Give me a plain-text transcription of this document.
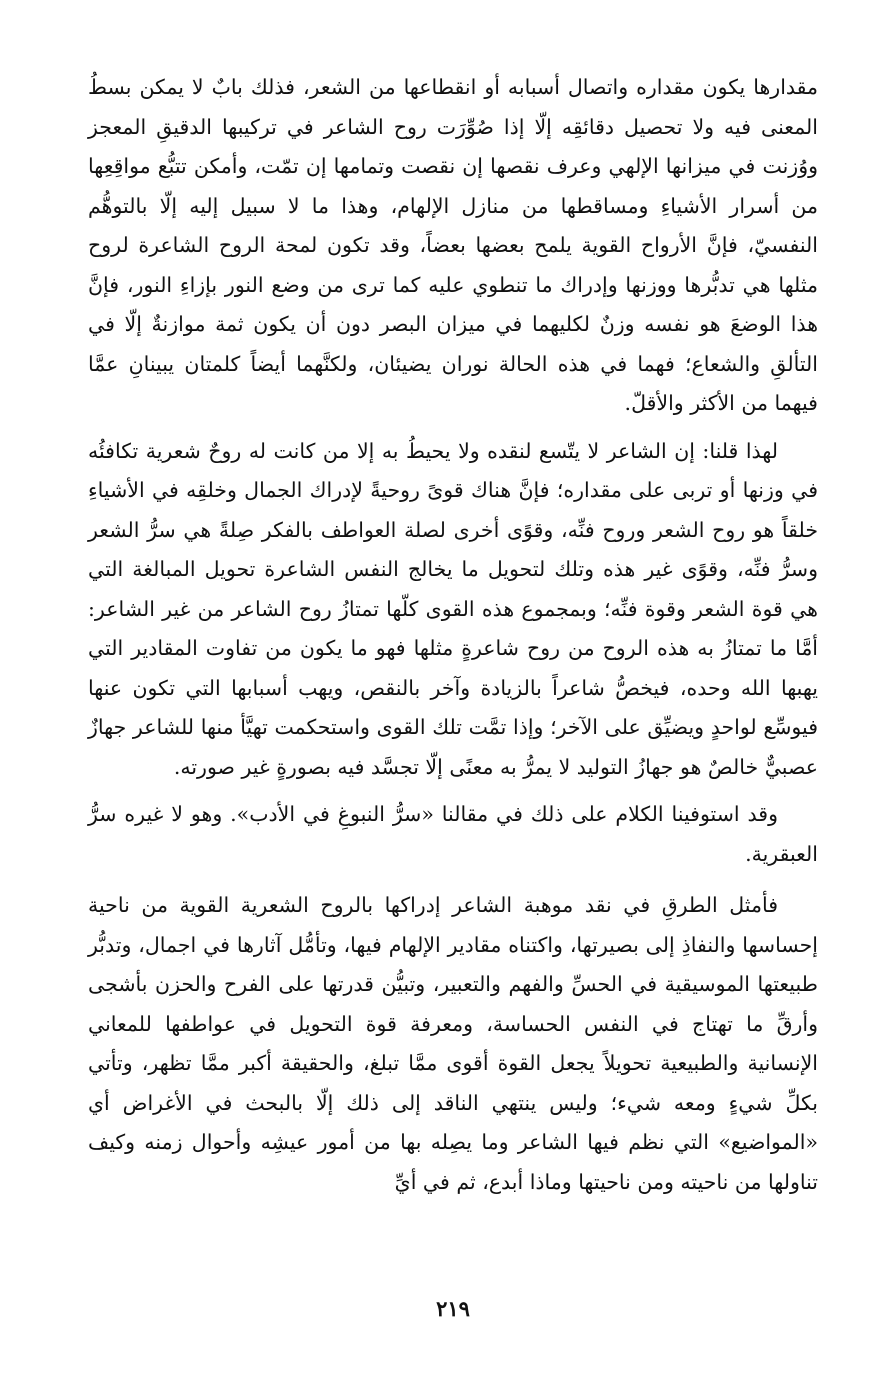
مقدارها يكون مقداره واتصال أسبابه أو انقطاعها من الشعر، فذلك بابٌ لا يمكن بسطُ المعنى فيه ولا تحصيل دقائقِه إلّا إذا صُوِّرَت روح الشاعر في تركيبها الدقيقِ المعجز ووُزنت في ميزانها الإلهي وعرف نقصها إن نقصت وتمامها إن تمّت، وأمكن تتبُّع مواقِعِها من أسرار الأشياءِ ومساقطها من منازل الإلهام، وهذا ما لا سبيل إليه إلّا بالتوهُّم النفسيّ، فإنَّ الأرواح القوية يلمح بعضها بعضاً، وقد تكون لمحة الروح الشاعرة لروح مثلها هي تدبُّرها ووزنها وإدراك ما تنطوي عليه كما ترى من وضع النور بإزاءِ النور، فإنَّ هذا الوضعَ هو نفسه وزنٌ لكليهما في ميزان البصر دون أن يكون ثمة موازنةٌ إلّا في التألقِ والشعاع؛ فهما في هذه الحالة نوران يضيئان، ولكنَّهما أيضاً كلمتان يبينانِ عمَّا فيهما من الأكثر والأقلّ.

لهذا قلنا: إن الشاعر لا يتّسع لنقده ولا يحيطُ به إلا من كانت له روحٌ شعرية تكافئُه في وزنها أو تربى على مقداره؛ فإنَّ هناك قوىً روحيةً لإدراك الجمال وخلقِه في الأشياءِ خلقاً هو روح الشعر وروح فنِّه، وقوًى أخرى لصلة العواطف بالفكر صِلةً هي سرُّ الشعر وسرُّ فنِّه، وقوًى غير هذه وتلك لتحويل ما يخالج النفس الشاعرة تحويل المبالغة التي هي قوة الشعر وقوة فنِّه؛ وبمجموع هذه القوى كلّها تمتازُ روح الشاعر من غير الشاعر: أمَّا ما تمتازُ به هذه الروح من روح شاعرةٍ مثلها فهو ما يكون من تفاوت المقادير التي يهبها الله وحده، فيخصُّ شاعراً بالزيادة وآخر بالنقص، ويهب أسبابها التي تكون عنها فيوسِّع لواحدٍ ويضيِّق على الآخر؛ وإذا تمَّت تلك القوى واستحكمت تهيَّأ منها للشاعر جهازٌ عصبيٌّ خالصٌ هو جهازُ التوليد لا يمرُّ به معنًى إلّا تجسَّد فيه بصورةٍ غير صورته.

وقد استوفينا الكلام على ذلك في مقالنا «سرُّ النبوغِ في الأدب». وهو لا غيره سرُّ العبقرية.

فأمثل الطرقِ في نقد موهبة الشاعر إدراكها بالروح الشعرية القوية من ناحية إحساسها والنفاذِ إلى بصيرتها، واكتناه مقادير الإلهام فيها، وتأمُّل آثارها في اجمال، وتدبُّر طبيعتها الموسيقية في الحسِّ والفهم والتعبير، وتبيُّن قدرتها على الفرح والحزن بأشجى وأرقِّ ما تهتاج في النفس الحساسة، ومعرفة قوة التحويل في عواطفها للمعاني الإنسانية والطبيعية تحويلاً يجعل القوة أقوى ممَّا تبلغ، والحقيقة أكبر ممَّا تظهر، وتأتي بكلِّ شيءٍ ومعه شيء؛ وليس ينتهي الناقد إلى ذلك إلّا بالبحث في الأغراض أي «المواضيع» التي نظم فيها الشاعر وما يصِله بها من أمور عيشِه وأحوال زمنه وكيف تناولها من ناحيته ومن ناحيتها وماذا أبدع، ثم في أيِّ

٢١٩
